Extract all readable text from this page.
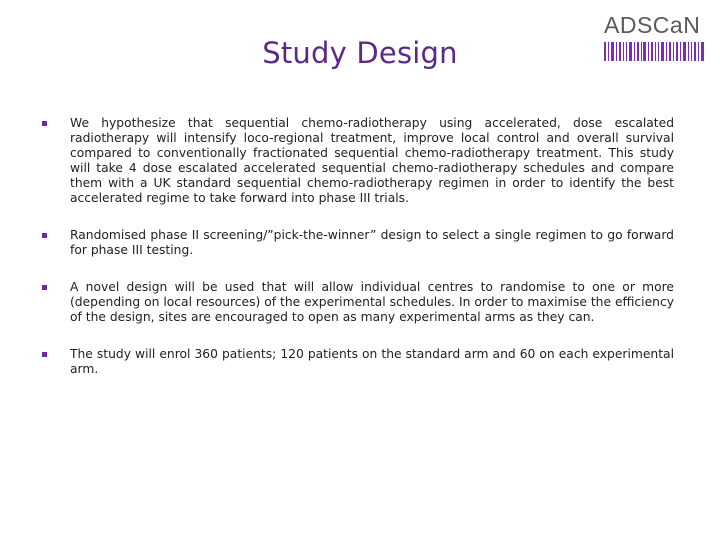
Study Design
ADSCaN
We hypothesize that sequential chemo-radiotherapy using accelerated, dose escalated radiotherapy will intensify loco-regional treatment, improve local control and overall survival compared to conventionally fractionated sequential chemo-radiotherapy treatment. This study will take 4 dose escalated accelerated sequential chemo-radiotherapy schedules and compare them with a UK standard sequential chemo-radiotherapy regimen in order to identify the best accelerated regime to take forward into phase III trials.
Randomised phase II screening/”pick-the-winner” design to select a single regimen to go forward for phase III testing.
A novel design will be used that will allow individual centres to randomise to one or more (depending on local resources) of the experimental schedules. In order to maximise the efficiency of the design, sites are encouraged to open as many experimental arms as they can.
The study will enrol 360 patients; 120 patients on the standard arm and 60 on each experimental arm.
